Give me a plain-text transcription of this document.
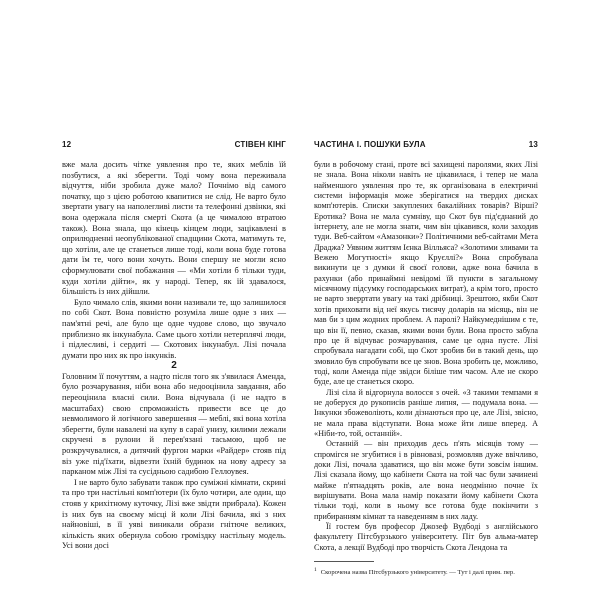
12	СТІВЕН КІНГ

вже мала досить чітке уявлення про те, яких меблів їй позбутися, а які зберегти. Тоді чому вона переживала відчуття, ніби зробила дуже мало? Почнімо від самого початку, що з цією роботою квапитися не слід. Не варто було звертати увагу на наполегливі листи та телефонні дзвінки, які вона одержала після смерті Скота (а це чималою втратою також). Вона знала, що кінець кінцем люди, зацікавлені в оприлюдненні неопублікованої спадщини Скота, матимуть те, що хотіли, але це станеться лише тоді, коли вона буде готова дати їм те, чого вони хочуть. Вони спершу не могли ясно сформулювати свої побажання — «Ми хотіли б тільки туди, куди хотіли дійти», як у народі. Тепер, як їй здавалося, більшість із них дійшли.

Було чимало слів, якими вони називали те, що залишилося по собі Скот. Вона повністю розуміла лише одне з них — пам'ятні речі, але було ще одне чудове слово, що звучало приблизно як інкунабула. Саме цього хотіли нетерплячі люди, і підлесливі, і сердиті — Скотових інкунабул. Лізі почала думати про них як про інкунків.

2

Головним її почуттям, а надто після того як з'явилася Аменда, було розчарування, ніби вона або недооцінила завдання, або переоцінила власні сили. Вона відчувала (і не надто в масштабах) свою спроможність привести все це до невмолимого й логічного завершення — меблі, які вона хотіла зберегти, були навалені на купу в сараї унизу, килими лежали скручені в рулони й перев'язані тасьмою, щоб не розкручувалися, а дитячий фургон марки «Райдер» стояв під віз уже під'їхати, відвезти їхній будинок на нову адресу за парканом між Лізі та сусідньою садибою Геллоувея.

І не варто було забувати також про суміжні кімнати, скрині та про три настільні комп'ютери (їх було чотири, але один, що стояв у крихітному куточку, Лізі вже звідти прибрала). Кожен із них був на своєму місці й коли Лізі бачила, які з них найновіші, в її уяві виникали образи гнітюче великих, кількість яких обернула собою громіздку настільну модель. Усі вони досі

ЧАСТИНА І. ПОШУКИ БУЛА	13

були в робочому стані, проте всі захищені паролями, яких Лізі не знала. Вона ніколи навіть не цікавилася, і тепер не мала найменшого уявлення про те, як організована в електричні системи інформація може зберігатися на твердих дисках комп'ютерів. Списки закуплених бакалійних товарів? Вірші? Еротика? Вона не мала сумніву, що Скот був під'єднаний до інтернету, але не могла знати, чим він цікавився, коли заходив туди. Веб-сайтом «Амазонки»? Політичними веб-сайтами Мета Драджа? Уявним життям Ієнка Вілльяса? «Золотими зливами та Вежею Могутності» якщо Круєллі?» Вона спробувала викинути це з думки й своєї голови, адже вона бачила в рахунки (або принаймні невідомі їй пункти в загальному місячному підсумку господарських витрат), а крім того, просто не варто зверртати увагу на такі дрібниці. Зрештою, якби Скот хотів приховати від неї якусь тисячу доларів на місяць, він не мав би з цим жодних проблем. А паролі? Найкумеднішим є те, що він її, певно, сказав, якими вони були. Вона просто забула про це й відчуває розчарування, саме це одна пусте. Лізі спробувала нагадати собі, що Скот зробив би в такий день, що змовило був спробувати все це знов. Вона зробить це, можливо, тоді, коли Аменда піде звідси біліше тим часом. Але не скоро буде, але це станеться скоро.

Лізі сіла й відгорнула волосся з очей. «З такими темпами я не доберуся до рукописів раніше липня, — подумала вона. — Інкунки збожеволіють, коли дізнаються про це, але Лізі, звісно, не мала права відступати. Вона може йти лише вперед. А «Ніби-то, той, останній».

Останній — він приходив десь п'ять місяців тому — спромігся не згубитися і в рівновазі, розмовляв дуже ввічливо, доки Лізі, почала здаватися, що він може бути зовсім іншим. Лізі сказала йому, що кабінети Скота на той час були зачинені майже п'ятнадцять років, але вона неодмінно почне їх вирішувати. Вона мала намір показати йому кабінети Скота тільки тоді, коли в ньому все готова буде покінчити з прибиранням кімнат та наведенням в них ладу.

Її гостем був професор Джозеф Вудбоді з англійського факультету Пітсбурзького університету. Піт був альма-матер Скота, а лекції Вудбоді про творчість Скота Лендона та

$^1$ Скорочена назва Пітсбурзького університету. — Тут і далі прим. пер.
